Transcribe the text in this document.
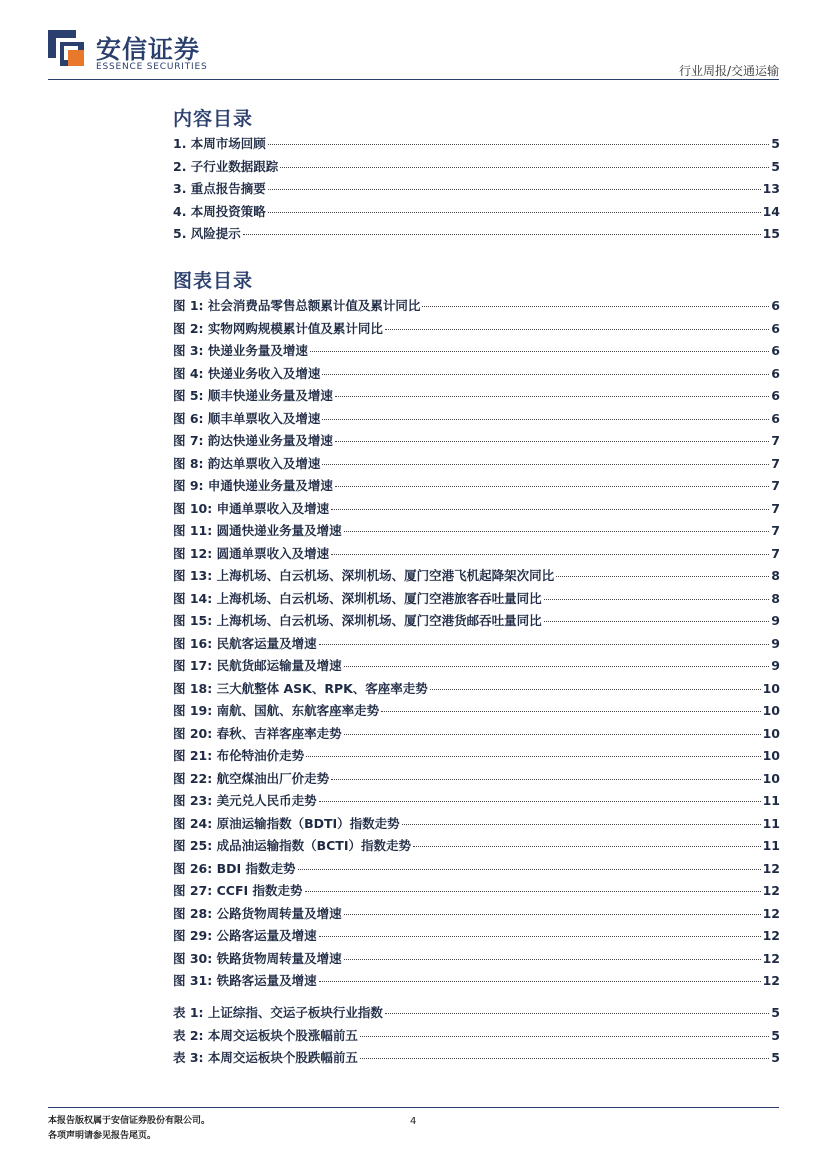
安信证券
ESSENCE SECURITIES	行业周报/交通运输
内容目录
1. 本周市场回顾	5
2. 子行业数据跟踪	5
3. 重点报告摘要	13
4. 本周投资策略	14
5. 风险提示	15
图表目录
图 1: 社会消费品零售总额累计值及累计同比	6
图 2: 实物网购规模累计值及累计同比	6
图 3: 快递业务量及增速	6
图 4: 快递业务收入及增速	6
图 5: 顺丰快递业务量及增速	6
图 6: 顺丰单票收入及增速	6
图 7: 韵达快递业务量及增速	7
图 8: 韵达单票收入及增速	7
图 9: 申通快递业务量及增速	7
图 10: 申通单票收入及增速	7
图 11: 圆通快递业务量及增速	7
图 12: 圆通单票收入及增速	7
图 13: 上海机场、白云机场、深圳机场、厦门空港飞机起降架次同比	8
图 14: 上海机场、白云机场、深圳机场、厦门空港旅客吞吐量同比	8
图 15: 上海机场、白云机场、深圳机场、厦门空港货邮吞吐量同比	9
图 16: 民航客运量及增速	9
图 17: 民航货邮运输量及增速	9
图 18: 三大航整体 ASK、RPK、客座率走势	10
图 19: 南航、国航、东航客座率走势	10
图 20: 春秋、吉祥客座率走势	10
图 21: 布伦特油价走势	10
图 22: 航空煤油出厂价走势	10
图 23: 美元兑人民币走势	11
图 24: 原油运输指数（BDTI）指数走势	11
图 25: 成品油运输指数（BCTI）指数走势	11
图 26: BDI 指数走势	12
图 27: CCFI 指数走势	12
图 28: 公路货物周转量及增速	12
图 29: 公路客运量及增速	12
图 30: 铁路货物周转量及增速	12
图 31: 铁路客运量及增速	12
表 1: 上证综指、交运子板块行业指数	5
表 2: 本周交运板块个股涨幅前五	5
表 3: 本周交运板块个股跌幅前五	5
本报告版权属于安信证券股份有限公司。
各项声明请参见报告尾页。
4
